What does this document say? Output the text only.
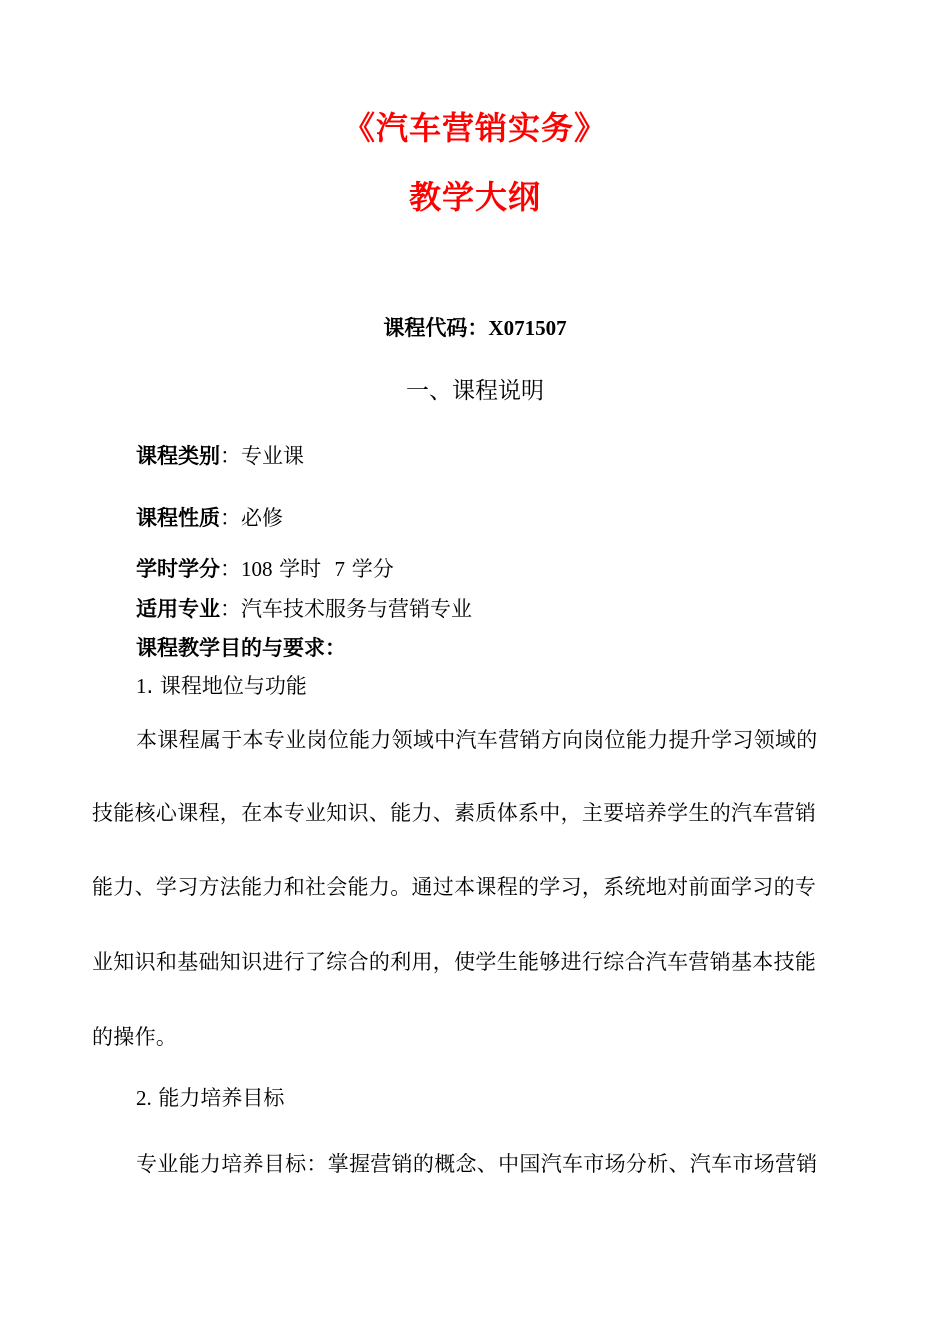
《汽车营销实务》
教学大纲
课程代码：X071507
一、课程说明
课程类别：专业课
课程性质：必修
学时学分：108 学时  7 学分
适用专业：汽车技术服务与营销专业
课程教学目的与要求：
1. 课程地位与功能
本课程属于本专业岗位能力领域中汽车营销方向岗位能力提升学习领域的
技能核心课程，在本专业知识、能力、素质体系中，主要培养学生的汽车营销
能力、学习方法能力和社会能力。通过本课程的学习，系统地对前面学习的专
业知识和基础知识进行了综合的利用，使学生能够进行综合汽车营销基本技能
的操作。
2. 能力培养目标
专业能力培养目标：掌握营销的概念、中国汽车市场分析、汽车市场营销
